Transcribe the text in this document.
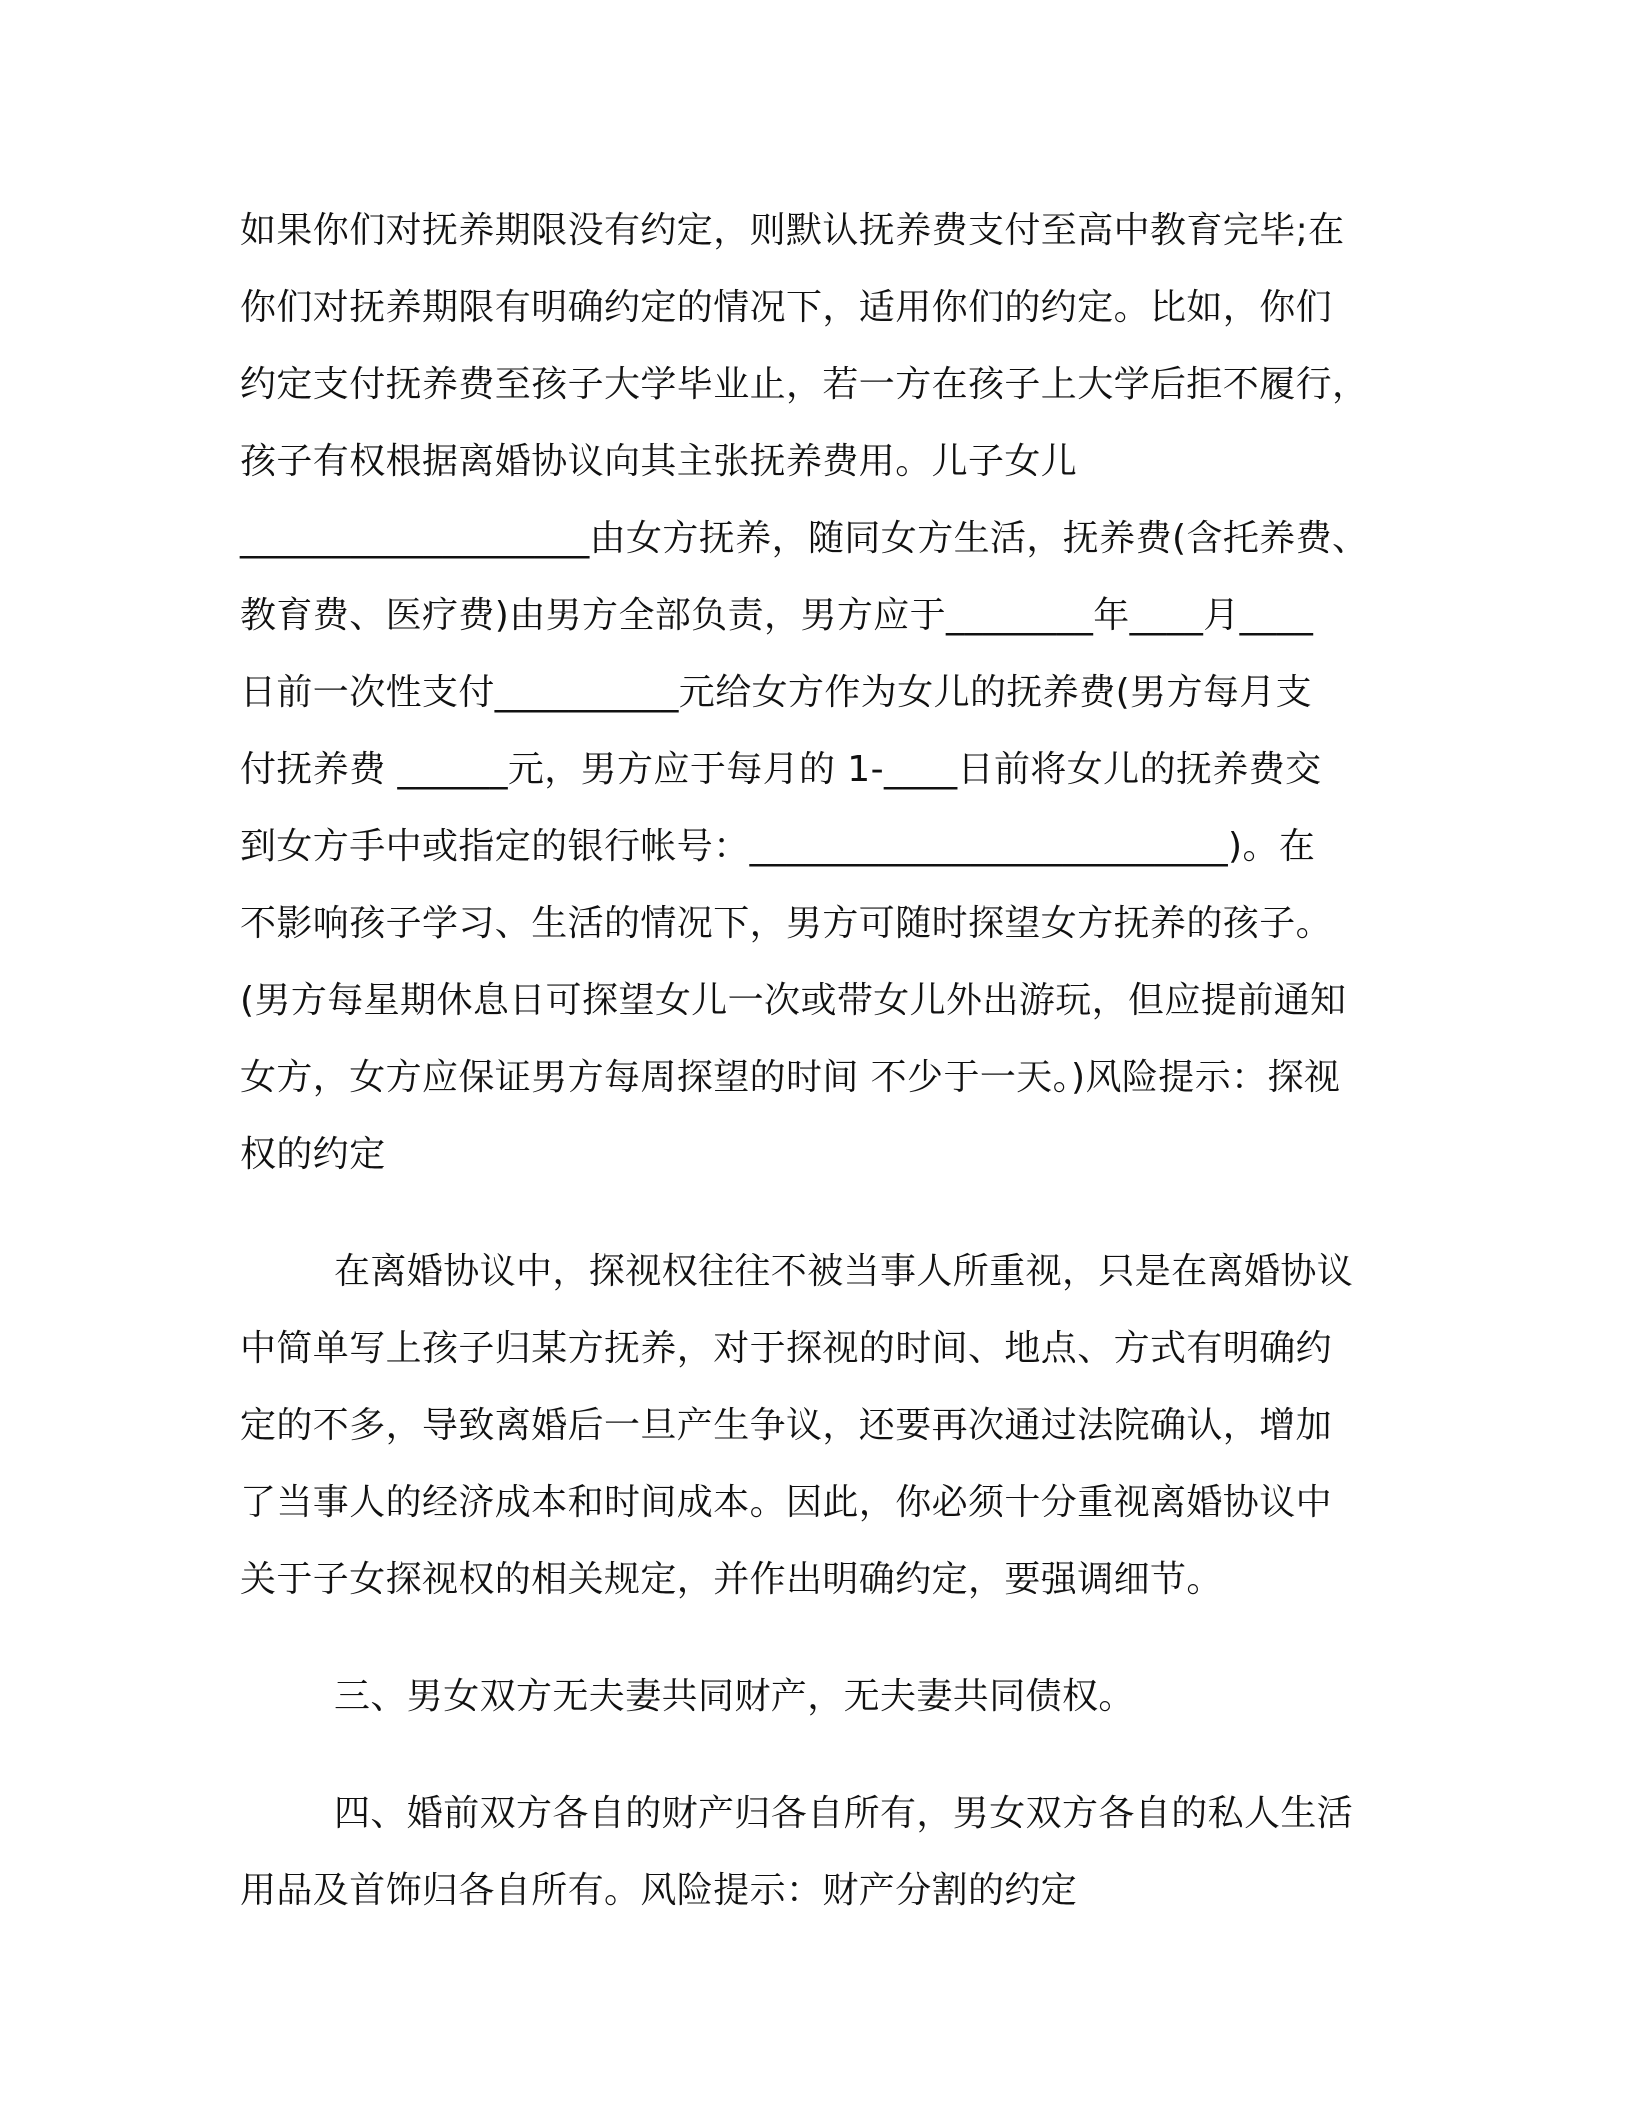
如果你们对抚养期限没有约定，则默认抚养费支付至高中教育完毕;在
你们对抚养期限有明确约定的情况下，适用你们的约定。比如，你们
约定支付抚养费至孩子大学毕业止，若一方在孩子上大学后拒不履行，
孩子有权根据离婚协议向其主张抚养费用。儿子女儿
___________________由女方抚养，随同女方生活，抚养费(含托养费、
教育费、医疗费)由男方全部负责，男方应于________年____月____
日前一次性支付__________元给女方作为女儿的抚养费(男方每月支
付抚养费 ______元，男方应于每月的 1-____日前将女儿的抚养费交
到女方手中或指定的银行帐号：__________________________)。在
不影响孩子学习、生活的情况下，男方可随时探望女方抚养的孩子。
(男方每星期休息日可探望女儿一次或带女儿外出游玩，但应提前通知
女方，女方应保证男方每周探望的时间 不少于一天。)风险提示：探视
权的约定
在离婚协议中，探视权往往不被当事人所重视，只是在离婚协议
中简单写上孩子归某方抚养，对于探视的时间、地点、方式有明确约
定的不多，导致离婚后一旦产生争议，还要再次通过法院确认，增加
了当事人的经济成本和时间成本。因此，你必须十分重视离婚协议中
关于子女探视权的相关规定，并作出明确约定，要强调细节。
三、男女双方无夫妻共同财产，无夫妻共同债权。
四、婚前双方各自的财产归各自所有，男女双方各自的私人生活
用品及首饰归各自所有。风险提示：财产分割的约定
